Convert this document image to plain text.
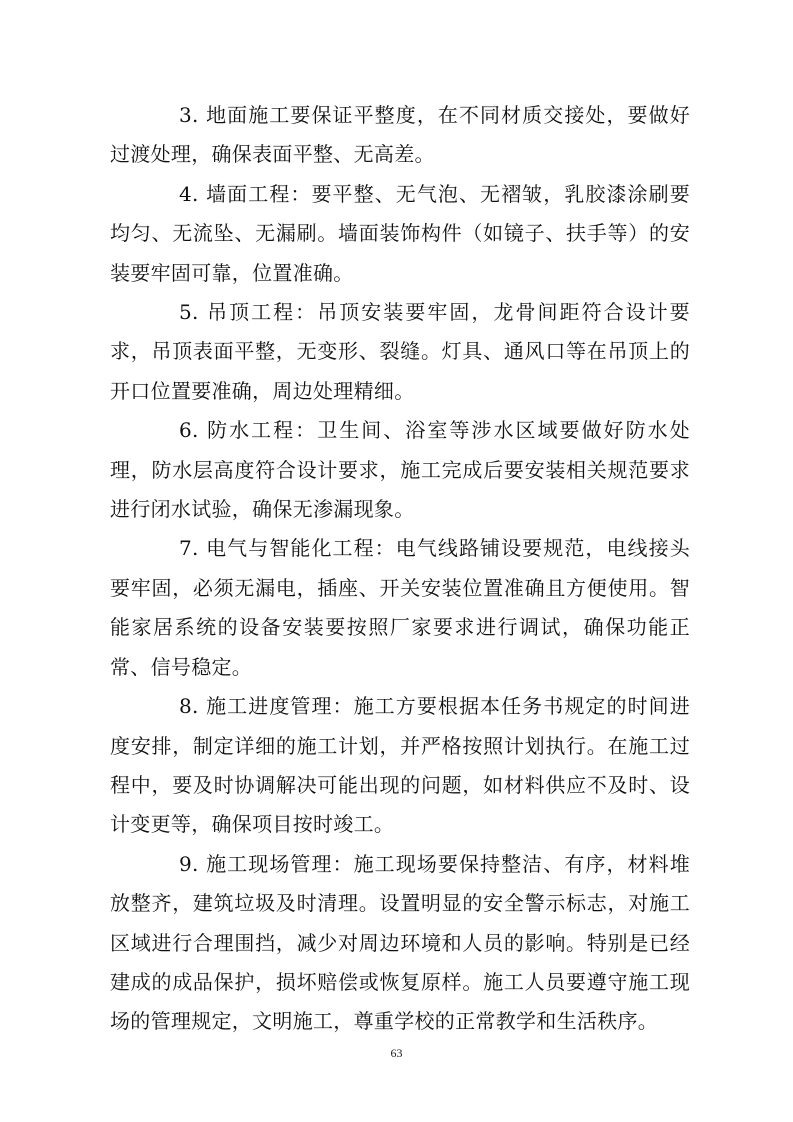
3. 地面施工要保证平整度，在不同材质交接处，要做好过渡处理，确保表面平整、无高差。

4. 墙面工程：要平整、无气泡、无褶皱，乳胶漆涂刷要均匀、无流坠、无漏刷。墙面装饰构件（如镜子、扶手等）的安装要牢固可靠，位置准确。

5. 吊顶工程：吊顶安装要牢固，龙骨间距符合设计要求，吊顶表面平整，无变形、裂缝。灯具、通风口等在吊顶上的开口位置要准确，周边处理精细。

6. 防水工程：卫生间、浴室等涉水区域要做好防水处理，防水层高度符合设计要求，施工完成后要安装相关规范要求进行闭水试验，确保无渗漏现象。

7. 电气与智能化工程：电气线路铺设要规范，电线接头要牢固，必须无漏电，插座、开关安装位置准确且方便使用。智能家居系统的设备安装要按照厂家要求进行调试，确保功能正常、信号稳定。

8. 施工进度管理：施工方要根据本任务书规定的时间进度安排，制定详细的施工计划，并严格按照计划执行。在施工过程中，要及时协调解决可能出现的问题，如材料供应不及时、设计变更等，确保项目按时竣工。

9. 施工现场管理：施工现场要保持整洁、有序，材料堆放整齐，建筑垃圾及时清理。设置明显的安全警示标志，对施工区域进行合理围挡，减少对周边环境和人员的影响。特别是已经建成的成品保护，损坏赔偿或恢复原样。施工人员要遵守施工现场的管理规定，文明施工，尊重学校的正常教学和生活秩序。

63
